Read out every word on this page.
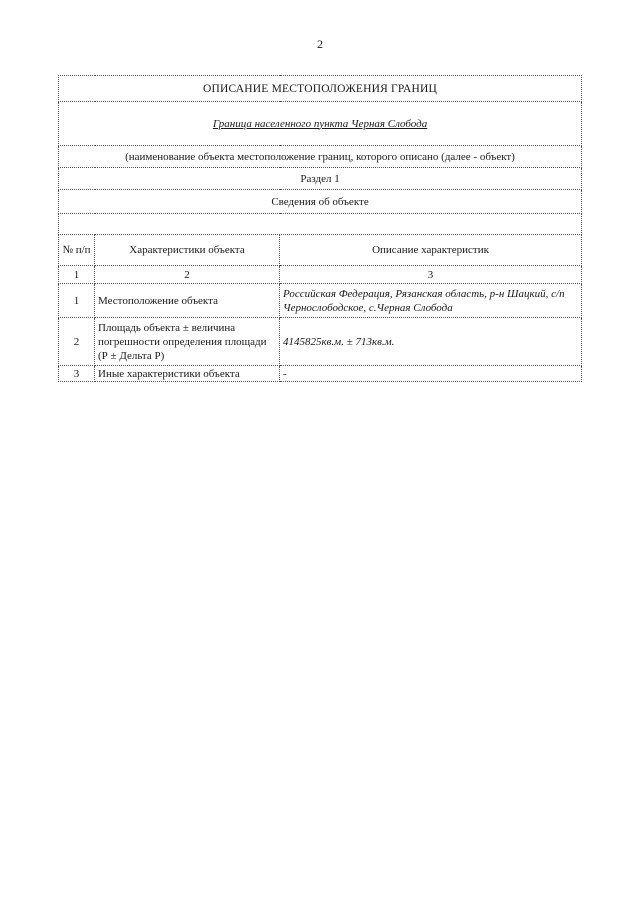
2
ОПИСАНИЕ МЕСТОПОЛОЖЕНИЯ ГРАНИЦ		
Граница населенного пункта Черная Слобода		
(наименование объекта местоположение границ, которого описано (далее - объект)		
Раздел 1		
Сведения об объекте		

№ п/п	Характеристики объекта	Описание характеристик
1	2	3
1	Местоположение объекта	Российская Федерация, Рязанская область, р-н Шацкий, с/п Чернослободское, с.Черная Слобода
2	Площадь объекта ± величина погрешности определения площади (Р ± Дельта Р)	4145825кв.м. ± 713кв.м.
3	Иные характеристики объекта	-
